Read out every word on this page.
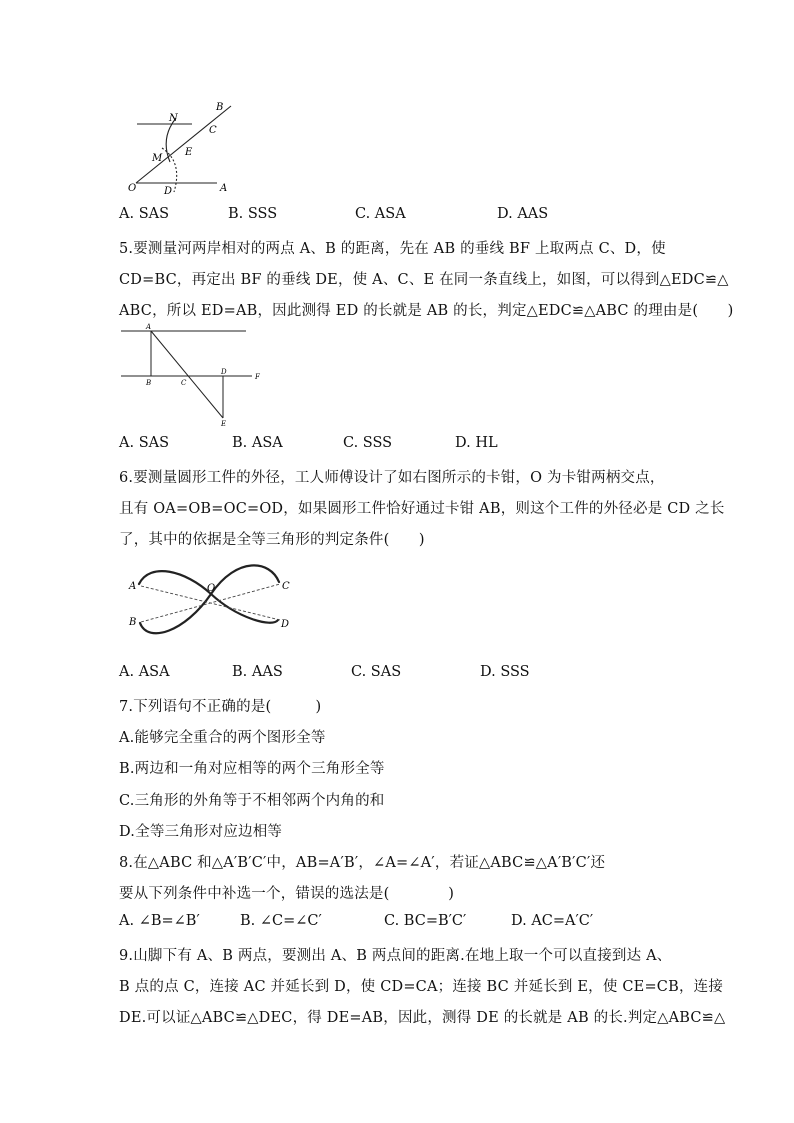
N
B
C
E
M
O	D	A
A. SAS	B. SSS	C. ASA	D. AAS
5.要测量河两岸相对的两点 A、B 的距离，先在 AB 的垂线 BF 上取两点 C、D，使
CD=BC，再定出 BF 的垂线 DE，使 A、C、E 在同一条直线上，如图，可以得到△EDC≌△
ABC，所以 ED=AB，因此测得 ED 的长就是 AB 的长，判定△EDC≌△ABC 的理由是(　　)
A
B	C
D
E
F
A. SAS	B. ASA	C. SSS	D. HL
6.要测量圆形工件的外径，工人师傅设计了如右图所示的卡钳，O 为卡钳两柄交点，
且有 OA=OB=OC=OD，如果圆形工件恰好通过卡钳 AB，则这个工件的外径必是 CD 之长
了，其中的依据是全等三角形的判定条件(　　)
A
B
O	C
D
A. ASA	B. AAS	C. SAS	D. SSS
7.下列语句不正确的是(　　　)
A.能够完全重合的两个图形全等
B.两边和一角对应相等的两个三角形全等
C.三角形的外角等于不相邻两个内角的和
D.全等三角形对应边相等
8.在△ABC 和△A′B′C′中，AB=A′B′，∠A=∠A′，若证△ABC≌△A′B′C′还
要从下列条件中补选一个，错误的选法是(　　　　)
A. ∠B=∠B′	B. ∠C=∠C′	C. BC=B′C′	D. AC=A′C′
9.山脚下有 A、B 两点，要测出 A、B 两点间的距离.在地上取一个可以直接到达 A、
B 点的点 C，连接 AC 并延长到 D，使 CD=CA；连接 BC 并延长到 E，使 CE=CB，连接
DE.可以证△ABC≌△DEC，得 DE=AB，因此，测得 DE 的长就是 AB 的长.判定△ABC≌△
